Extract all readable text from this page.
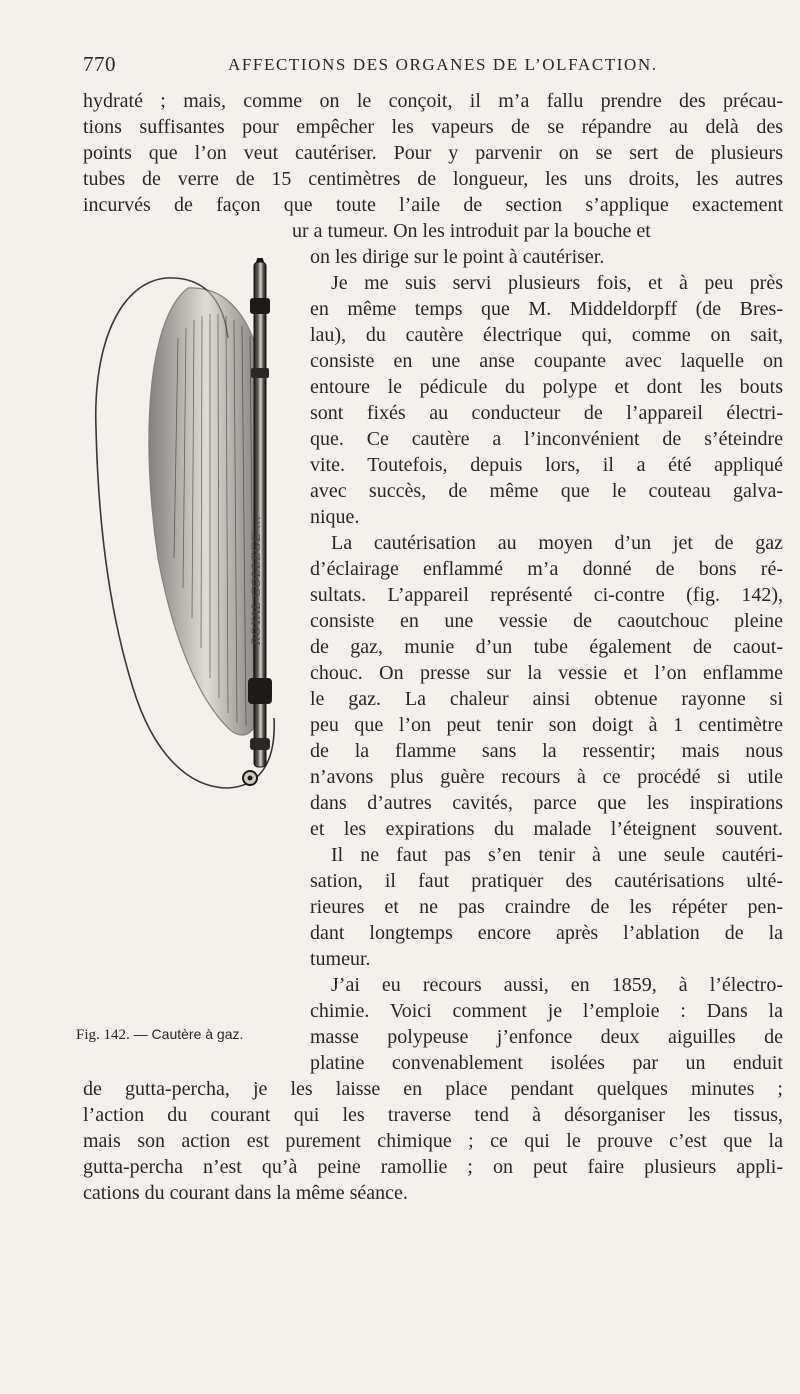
770	AFFECTIONS DES ORGANES DE L’OLFACTION.
hydraté ; mais, comme on le conçoit, il m’a fallu prendre des précau-
tions suffisantes pour empêcher les vapeurs de se répandre au delà des
points que l’on veut cautériser. Pour y parvenir on se sert de plusieurs
tubes de verre de 15 centimètres de longueur, les uns droits, les autres
incurvés de façon que toute l’aile de section s’applique exactement
ROYAL COLLEGE ...
ur a tumeur. On les introduit par la bouche et
on les dirige sur le point à cautériser.
Je me suis servi plusieurs fois, et à peu près
en même temps que M. Middeldorpff (de Bres-
lau), du cautère électrique qui, comme on sait,
consiste en une anse coupante avec laquelle on
entoure le pédicule du polype et dont les bouts
sont fixés au conducteur de l’appareil électri-
que. Ce cautère a l’inconvénient de s’éteindre
vite. Toutefois, depuis lors, il a été appliqué
avec succès, de même que le couteau galva-
nique.
La cautérisation au moyen d’un jet de gaz
d’éclairage enflammé m’a donné de bons ré-
sultats. L’appareil représenté ci-contre (fig. 142),
consiste en une vessie de caoutchouc pleine
de gaz, munie d’un tube également de caout-
chouc. On presse sur la vessie et l’on enflamme
le gaz. La chaleur ainsi obtenue rayonne si
peu que l’on peut tenir son doigt à 1 centimètre
de la flamme sans la ressentir; mais nous
n’avons plus guère recours à ce procédé si utile
dans d’autres cavités, parce que les inspirations
et les expirations du malade l’éteignent souvent.
Il ne faut pas s’en tenir à une seule cautéri-
sation, il faut pratiquer des cautérisations ulté-
rieures et ne pas craindre de les répéter pen-
dant longtemps encore après l’ablation de la
tumeur.
J’ai eu recours aussi, en 1859, à l’électro-
chimie. Voici comment je l’emploie : Dans la
masse polypeuse j’enfonce deux aiguilles de
platine convenablement isolées par un enduit
Fig. 142. — Cautère à gaz.
de gutta-percha, je les laisse en place pendant quelques minutes ;
l’action du courant qui les traverse tend à désorganiser les tissus,
mais son action est purement chimique ; ce qui le prouve c’est que la
gutta-percha n’est qu’à peine ramollie ; on peut faire plusieurs appli-
cations du courant dans la même séance.
